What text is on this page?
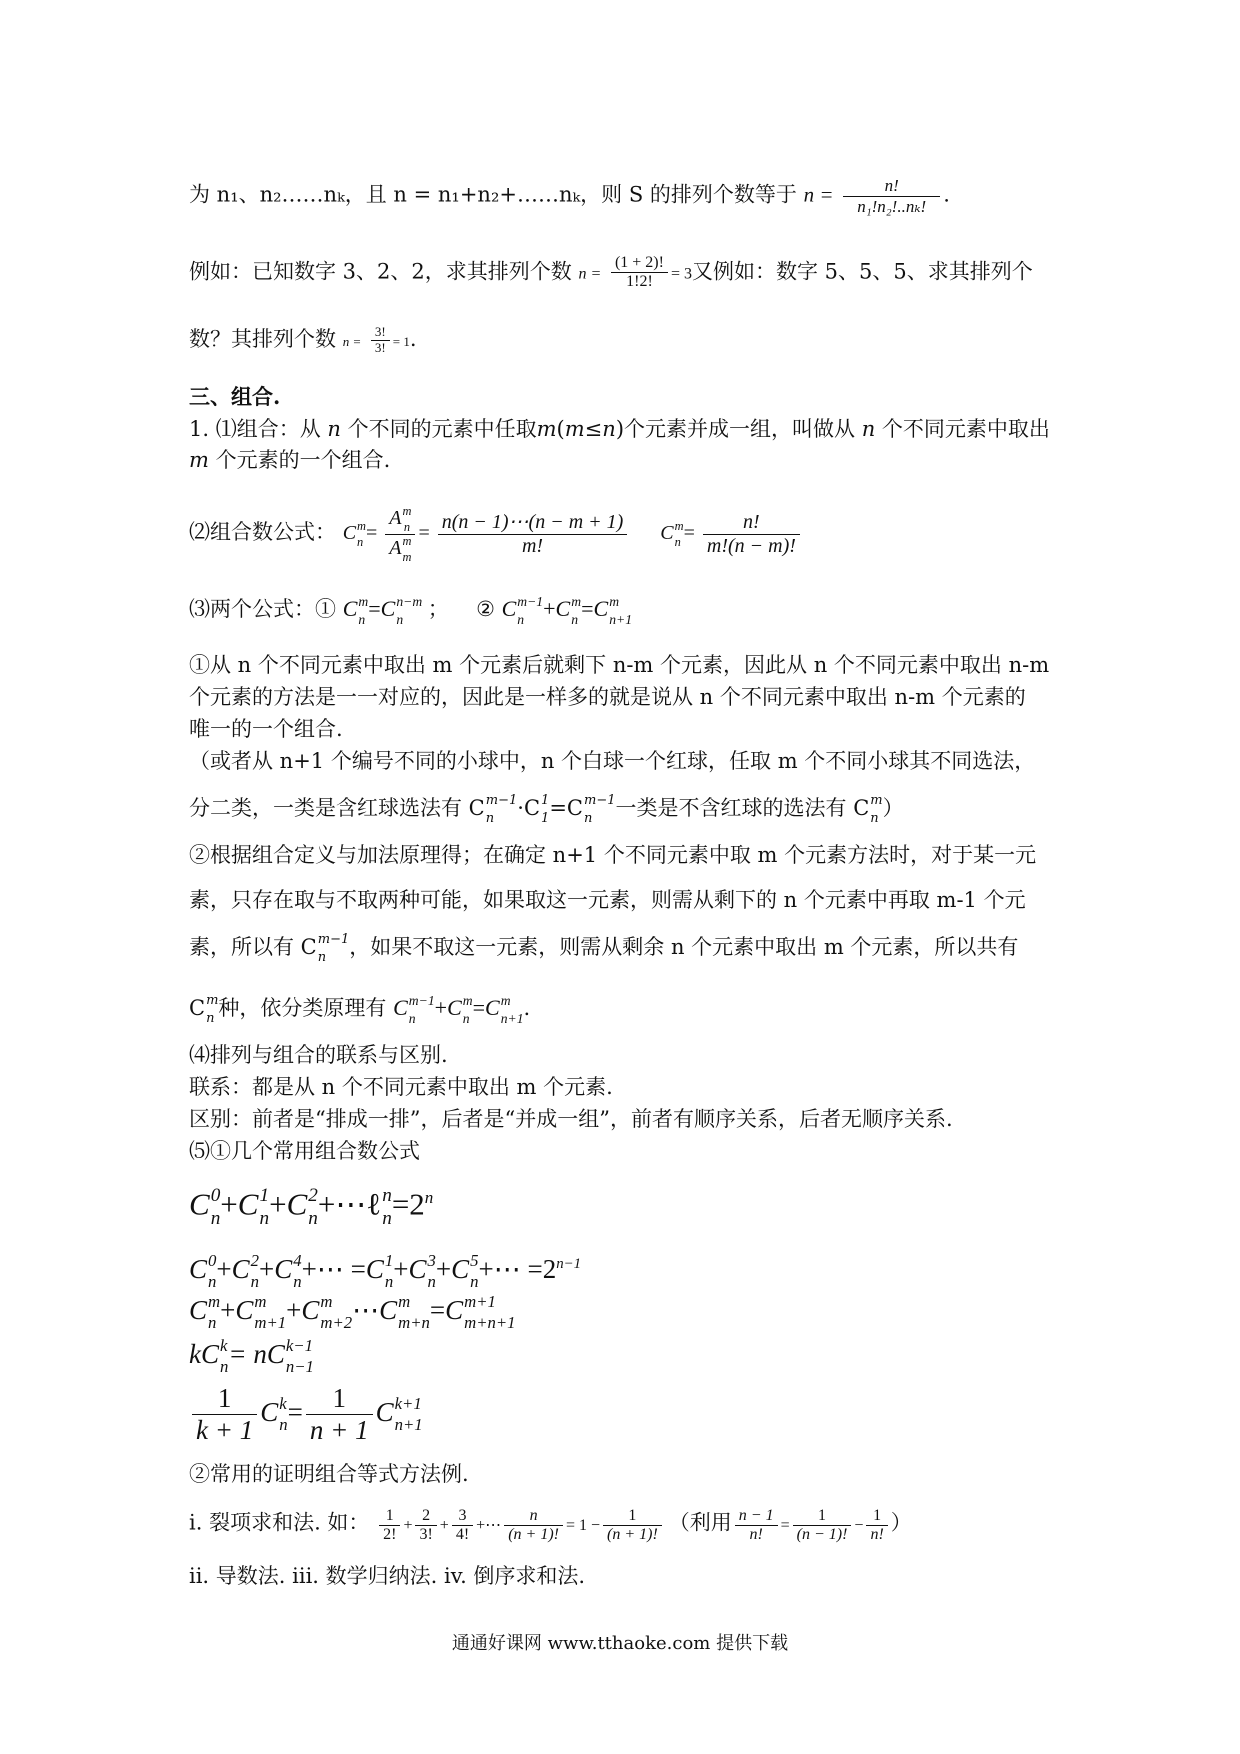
为 n₁、n₂……nₖ，且 n = n₁+n₂+……nₖ，则 S 的排列个数等于 $n = \frac{n!}{\text{n₁!n₂!..nₖ!}}$ .
例如：已知数字 3、2、2，求其排列个数 $n = \frac{(1 + 2)!}{1!2!} = 3$又例如：数字 5、5、5、求其排列个
数？其排列个数 $n = \frac{3!}{3!} = 1$.
三、组合.
1. ⑴组合：从 n 个不同的元素中任取m(m≤n)个元素并成一组，叫做从 n 个不同元素中取出
m 个元素的一个组合.
⑵组合数公式： C m
n = A m
n
A m
$m = \frac{n(n - 1)\cdots(n - m + 1)}{m!}$ C m
$n = \frac{n!}{m!(n - m)!}$
⑶两个公式：① C m
n =C n−m
n	； ② C m−1
n +C m
n =C m
n+1
①从 n 个不同元素中取出 m 个元素后就剩下 n-m 个元素，因此从 n 个不同元素中取出 n-m
个元素的方法是一一对应的，因此是一样多的就是说从 n 个不同元素中取出 n-m 个元素的
唯一的一个组合.
（或者从 n+1 个编号不同的小球中，n 个白球一个红球，任取 m 个不同小球其不同选法，
分二类，一类是含红球选法有 C m−1
n	·C 1
1 =C m−1
n	一类是不含红球的选法有 C m
n ）
②根据组合定义与加法原理得；在确定 n+1 个不同元素中取 m 个元素方法时，对于某一元
素，只存在取与不取两种可能，如果取这一元素，则需从剩下的 n 个元素中再取 m-1 个元
素，所以有 C m−1
n	，如果不取这一元素，则需从剩余 n 个元素中取出 m 个元素，所以共有
C m
n 种，依分类原理有 C m−1
n +C m
n =C m
n+1 .
⑷排列与组合的联系与区别.
联系：都是从 n 个不同元素中取出 m 个元素.
区别：前者是“排成一排”，后者是“并成一组”，前者有顺序关系，后者无顺序关系.
⑸①几个常用组合数公式
C 0
n +C 1
n +C 2
n +⋯ℓ n
$n =2^n$
C 0
n +C 2
n +C 4
n +⋯ =C 1
n +C 3
n +C 5
n +⋯ $=2^{n-1}$
C m
n +C m
m+1 +C m
m+2 ⋯C m
m+n =C m+1
m+n+1
kC k
n = nC k−1
n−1
$\frac{1}{k + 1}$ C k
$n = \frac{1}{n + 1}$ C k+1
n+1
②常用的证明组合等式方法例.
i. 裂项求和法. 如： $\frac{1}{2!} + \frac{2}{3!} + \frac{3}{4!}$ +⋯ $\frac{n}{(n + 1)!} = 1 - \frac{1}{(n + 1)!}$ （利用 $\frac{n - 1}{n!} = \frac{1}{(n - 1)!} - \frac{1}{n!}$ ）
ii. 导数法. iii. 数学归纳法. iv. 倒序求和法.
通通好课网 www.tthaoke.com 提供下载
